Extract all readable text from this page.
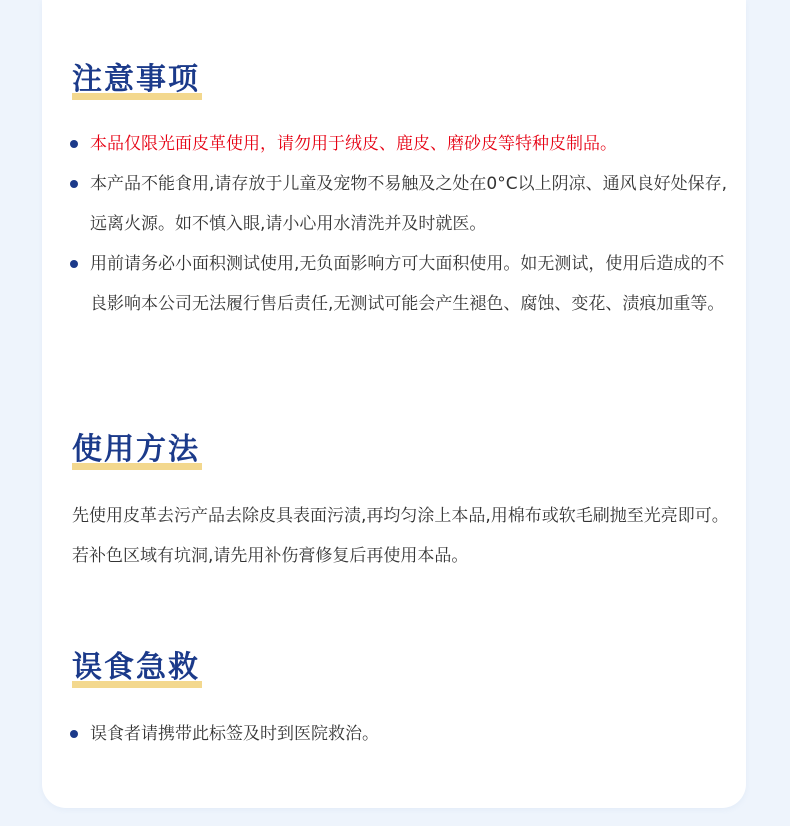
注意事项
本品仅限光面皮革使用，请勿用于绒皮、鹿皮、磨砂皮等特种皮制品。
本产品不能食用,请存放于儿童及宠物不易触及之处在0°C以上阴凉、通风良好处保存,远离火源。如不慎入眼,请小心用水清洗并及时就医。
用前请务必小面积测试使用,无负面影响方可大面积使用。如无测试，使用后造成的不良影响本公司无法履行售后责任,无测试可能会产生褪色、腐蚀、变花、渍痕加重等。
使用方法

先使用皮革去污产品去除皮具表面污渍,再均匀涂上本品,用棉布或软毛刷抛至光亮即可。若补色区域有坑洞,请先用补伤膏修复后再使用本品。

误食急救
误食者请携带此标签及时到医院救治。
